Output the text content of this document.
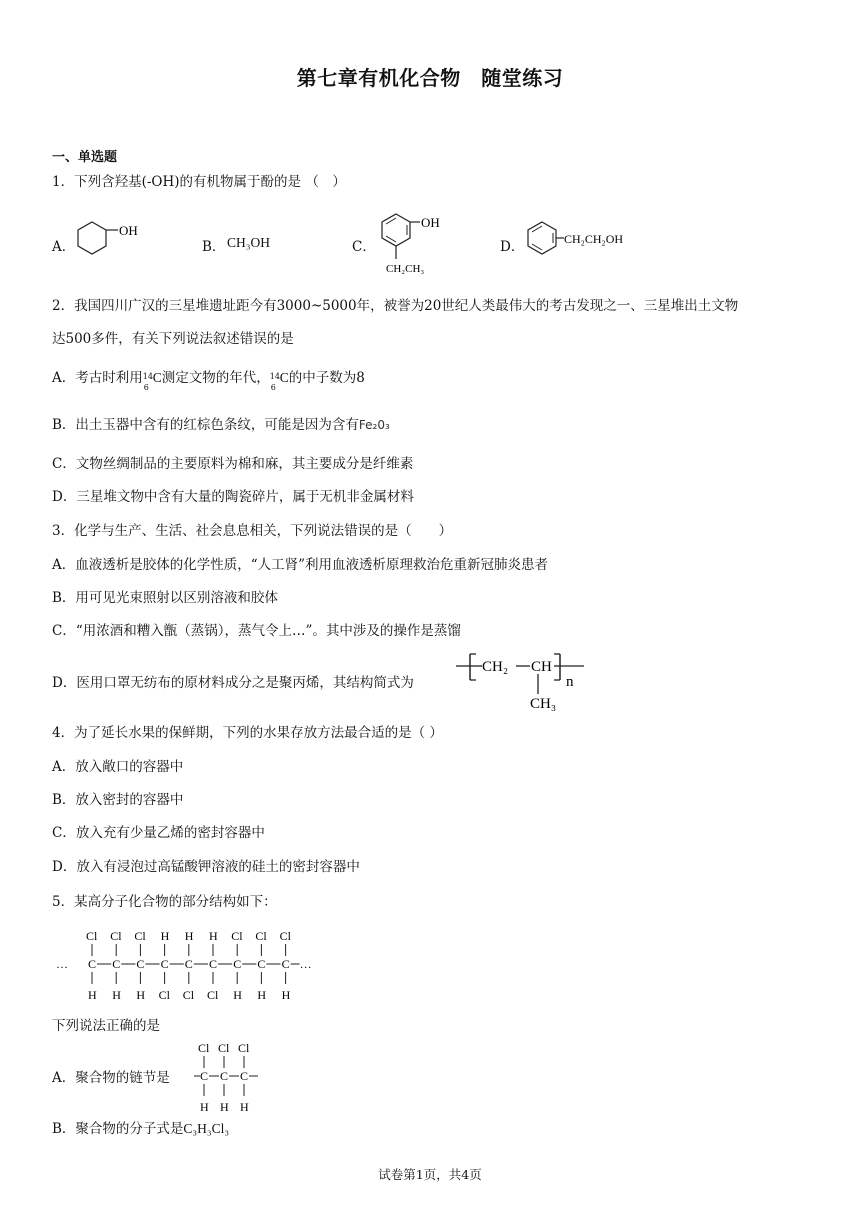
第七章有机化合物　随堂练习
一、单选题
1．下列含羟基(-OH)的有机物属于酚的是 （　）
A．
OH
B． CH₃OH	C．
OH
CH₂CH₃
D．	CH₂CH₂OH
2．我国四川广汉的三星堆遗址距今有3000~5000年，被誉为20世纪人类最伟大的考古发现之一、三星堆出土文物
达500多件，有关下列说法叙述错误的是
A．考古时利用 14
6
C测定文物的年代， 14
6
C的中子数为8
B．出土玉器中含有的红棕色条纹，可能是因为含有Fe₂0₃
C．文物丝绸制品的主要原料为棉和麻，其主要成分是纤维素
D．三星堆文物中含有大量的陶瓷碎片，属于无机非金属材料
3．化学与生产、生活、社会息息相关，下列说法错误的是（　　）
A．血液透析是胶体的化学性质，“人工肾”利用血液透析原理救治危重新冠肺炎患者
B．用可见光束照射以区别溶液和胶体
C．“用浓酒和糟入甑（蒸锅），蒸气令上…”。其中涉及的操作是蒸馏
D．医用口罩无纺布的原材料成分之是聚丙烯，其结构简式为
CH₂ CH
CH₃
n
4．为了延长水果的保鲜期，下列的水果存放方法最合适的是（ ）
A．放入敞口的容器中
B．放入密封的容器中
C．放入充有少量乙烯的密封容器中
D．放入有浸泡过高锰酸钾溶液的硅土的密封容器中
5．某高分子化合物的部分结构如下：
… C
Cl
H
C
Cl
H
C
Cl
H
C
H
Cl
C
H
Cl
C
H
Cl
C
Cl
H
C
Cl
H
C
Cl
H
…
下列说法正确的是
A．聚合物的链节是	C
Cl
H
C
Cl
H
C
Cl
H
B．聚合物的分子式是C₃H₃Cl₃
试卷第1页，共4页
